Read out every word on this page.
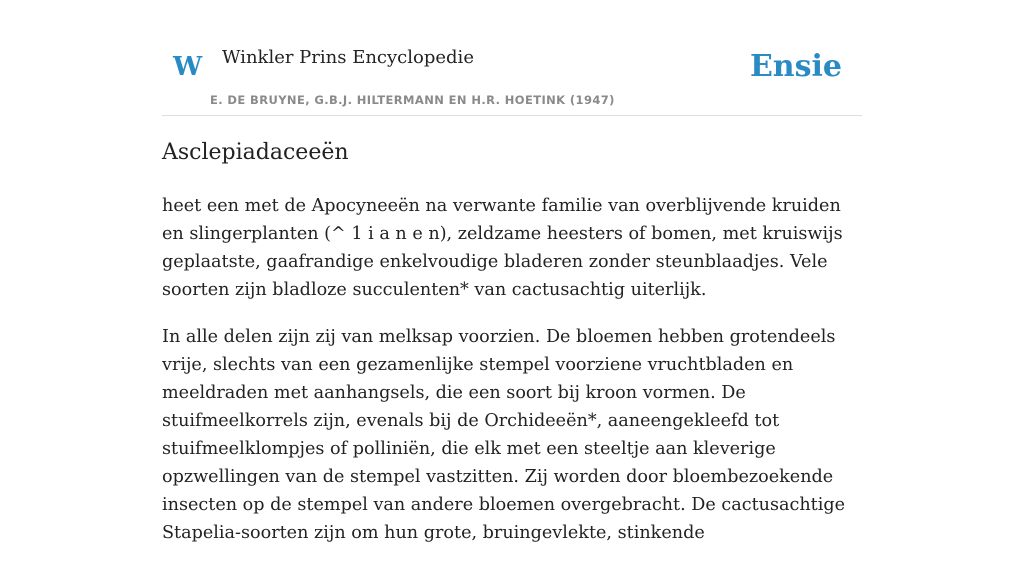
W Winkler Prins Encyclopedie
E. DE BRUYNE, G.B.J. HILTERMANN EN H.R. HOETINK (1947)
Ensie
Asclepiadaceeën

heet een met de Apocyneeën na verwante familie van overblijvende kruiden en slingerplanten (^ 1 i a n e n), zeldzame heesters of bomen, met kruiswijs geplaatste, gaafrandige enkelvoudige bladeren zonder steunblaadjes. Vele soorten zijn bladloze succulenten* van cactusachtig uiterlijk.

In alle delen zijn zij van melksap voorzien. De bloemen hebben grotendeels vrije, slechts van een gezamenlijke stempel voorziene vruchtbladen en meeldraden met aanhangsels, die een soort bij kroon vormen. De stuifmeelkorrels zijn, evenals bij de Orchideeën*, aaneengekleefd tot stuifmeelklompjes of polliniën, die elk met een steeltje aan kleverige opzwellingen van de stempel vastzitten. Zij worden door bloembezoekende insecten op de stempel van andere bloemen overgebracht. De cactusachtige Stapelia-soorten zijn om hun grote, bruingevlekte, stinkende
